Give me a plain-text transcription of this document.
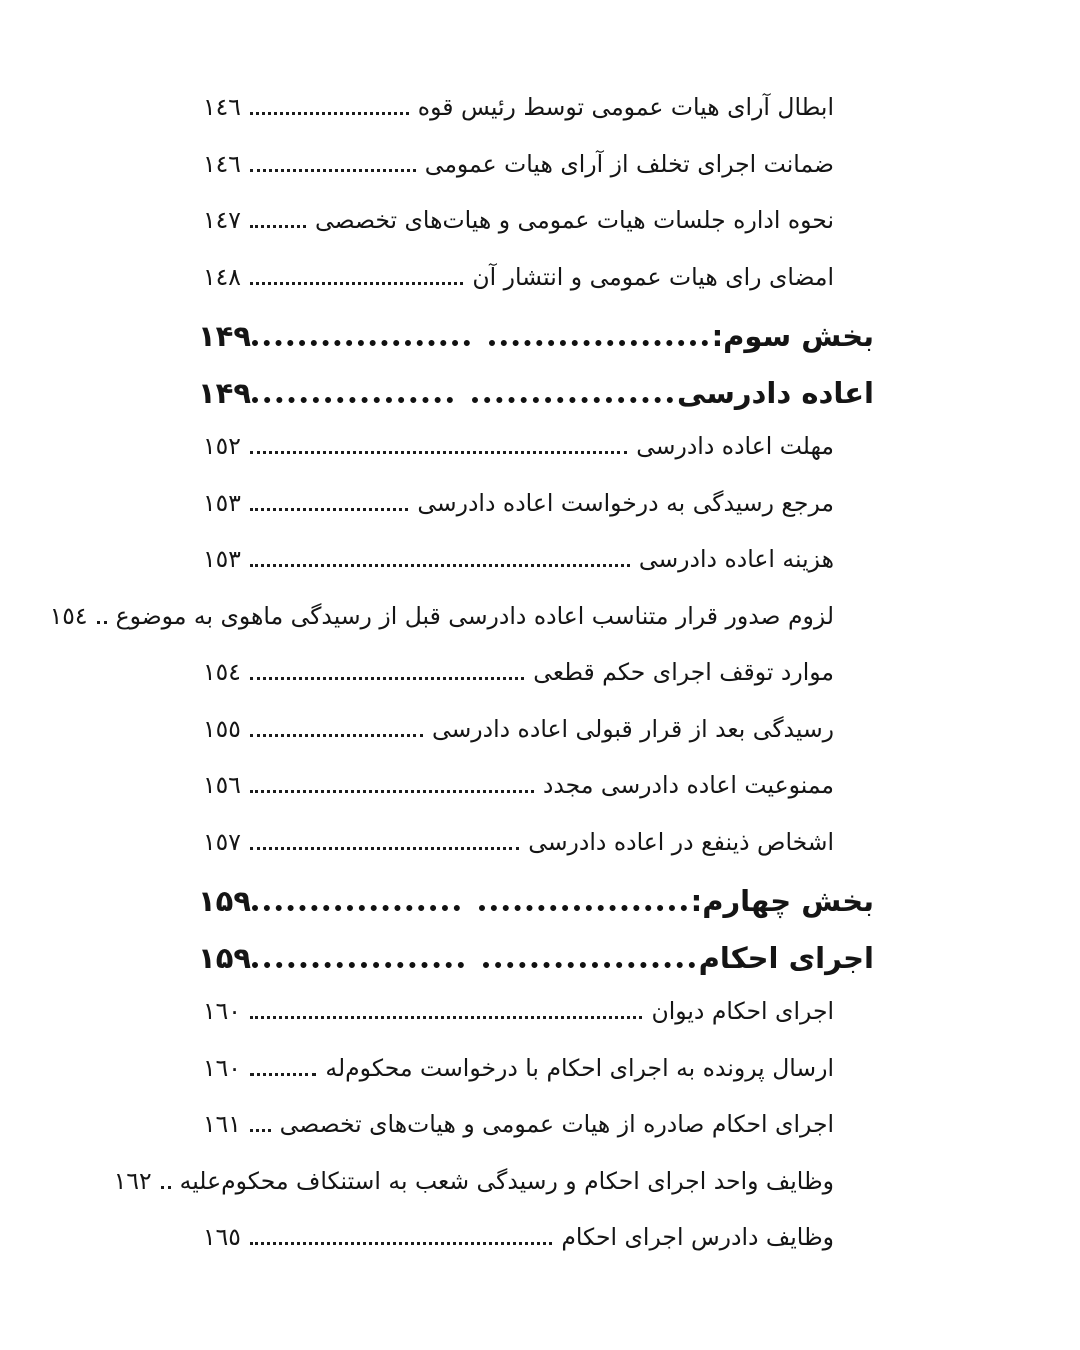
ابطال آرای هیات عمومی توسط رئیس قوه
١٤٦
ضمانت اجرای تخلف از آرای هیات عمومی
١٤٦
نحوه اداره جلسات هیات عمومی و هیات‌های تخصصی
١٤٧
امضای رای هیات عمومی و انتشار آن
١٤٨
بخش سوم:
۱۴۹
اعاده دادرسی
۱۴۹
مهلت اعاده دادرسی
١٥٢
مرجع رسیدگی به درخواست اعاده دادرسی
١٥٣
هزینه اعاده دادرسی
١٥٣
لزوم صدور قرار متناسب اعاده دادرسی قبل از رسیدگی ماهوی به موضوع
١٥٤
موارد توقف اجرای حکم قطعی
١٥٤
رسیدگی بعد از قرار قبولی اعاده دادرسی
١٥٥
ممنوعیت اعاده دادرسی مجدد
١٥٦
اشخاص ذینفع در اعاده دادرسی
١٥٧
بخش چهارم:
۱۵۹
اجرای احکام
۱۵۹
اجرای احکام دیوان
١٦٠
ارسال پرونده به اجرای احکام با درخواست محکوم‌له
١٦٠
اجرای احکام صادره از هیات عمومی و هیات‌های تخصصی
١٦١
وظایف واحد اجرای احکام و رسیدگی شعب به استنکاف محکوم‌علیه
١٦٢
وظایف دادرس اجرای احکام
١٦٥
